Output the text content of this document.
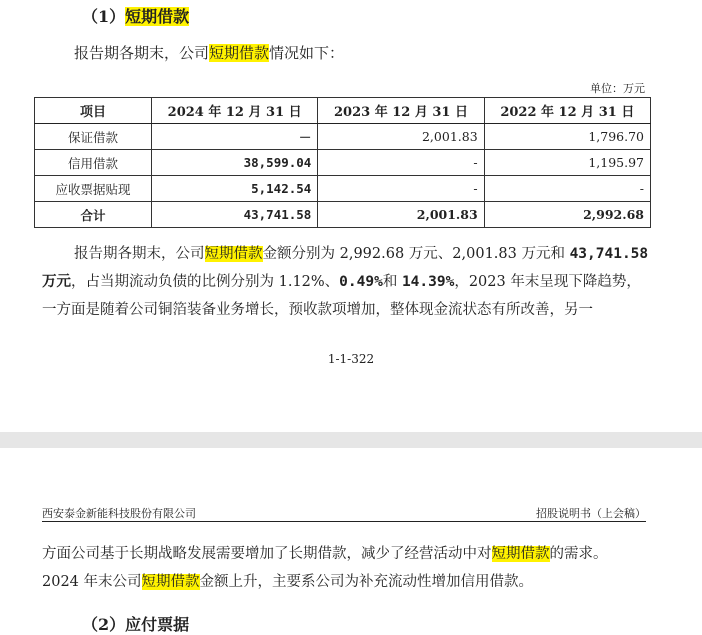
（1）短期借款
报告期各期末，公司短期借款情况如下：
单位：万元
项目	2024 年 12 月 31 日	2023 年 12 月 31 日	2022 年 12 月 31 日
保证借款	－	2,001.83	1,796.70
信用借款	38,599.04	-	1,195.97
应收票据贴现	5,142.54	-	-
合计	43,741.58	2,001.83	2,992.68
报告期各期末，公司短期借款金额分别为 2,992.68 万元、2,001.83 万元和 43,741.58
万元，占当期流动负债的比例分别为 1.12%、0.49%和 14.39%，2023 年末呈现下降趋势，
一方面是随着公司铜箔装备业务增长，预收款项增加，整体现金流状态有所改善，另一
1-1-322
西安泰金新能科技股份有限公司	招股说明书（上会稿）
方面公司基于长期战略发展需要增加了长期借款，减少了经营活动中对短期借款的需求。
2024 年末公司短期借款金额上升，主要系公司为补充流动性增加信用借款。
（2）应付票据
